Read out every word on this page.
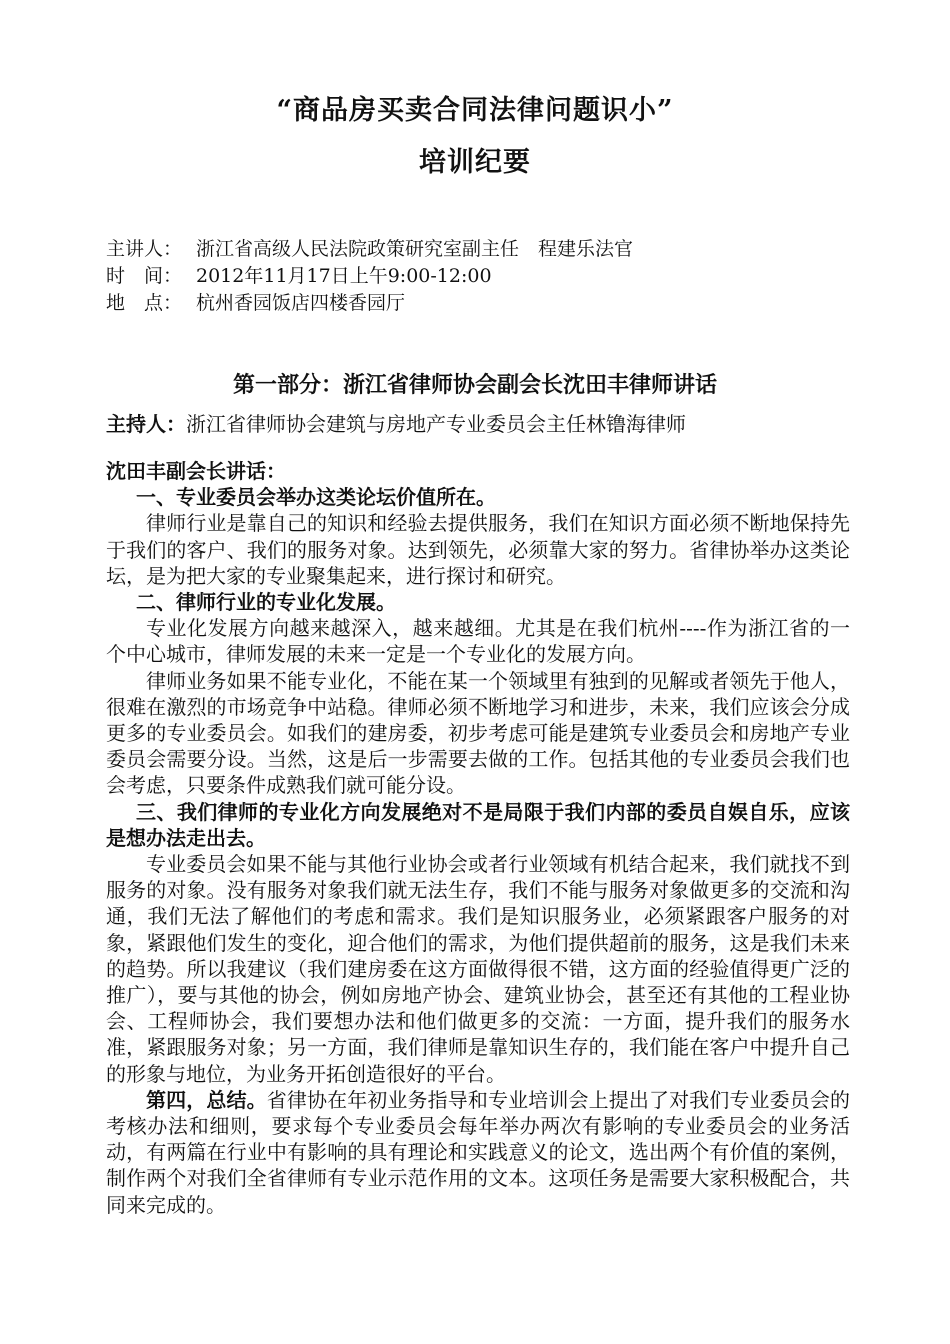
“商品房买卖合同法律问题识小”
培训纪要
主讲人： 浙江省高级人民法院政策研究室副主任　程建乐法官
时　间： 2012年11月17日上午9:00-12:00
地　点： 杭州香园饭店四楼香园厅
第一部分：浙江省律师协会副会长沈田丰律师讲话
主持人：浙江省律师协会建筑与房地产专业委员会主任林镥海律师

沈田丰副会长讲话：

一、专业委员会举办这类论坛价值所在。

律师行业是靠自己的知识和经验去提供服务，我们在知识方面必须不断地保持先于我们的客户、我们的服务对象。达到领先，必须靠大家的努力。省律协举办这类论坛，是为把大家的专业聚集起来，进行探讨和研究。

二、律师行业的专业化发展。

专业化发展方向越来越深入，越来越细。尤其是在我们杭州----作为浙江省的一个中心城市，律师发展的未来一定是一个专业化的发展方向。

律师业务如果不能专业化，不能在某一个领域里有独到的见解或者领先于他人，很难在激烈的市场竞争中站稳。律师必须不断地学习和进步，未来，我们应该会分成更多的专业委员会。如我们的建房委，初步考虑可能是建筑专业委员会和房地产专业委员会需要分设。当然，这是后一步需要去做的工作。包括其他的专业委员会我们也会考虑，只要条件成熟我们就可能分设。

三、我们律师的专业化方向发展绝对不是局限于我们内部的委员自娱自乐，应该是想办法走出去。

专业委员会如果不能与其他行业协会或者行业领域有机结合起来，我们就找不到服务的对象。没有服务对象我们就无法生存，我们不能与服务对象做更多的交流和沟通，我们无法了解他们的考虑和需求。我们是知识服务业，必须紧跟客户服务的对象，紧跟他们发生的变化，迎合他们的需求，为他们提供超前的服务，这是我们未来的趋势。所以我建议（我们建房委在这方面做得很不错，这方面的经验值得更广泛的推广），要与其他的协会，例如房地产协会、建筑业协会，甚至还有其他的工程业协会、工程师协会，我们要想办法和他们做更多的交流：一方面，提升我们的服务水准，紧跟服务对象；另一方面，我们律师是靠知识生存的，我们能在客户中提升自己的形象与地位，为业务开拓创造很好的平台。

第四，总结。省律协在年初业务指导和专业培训会上提出了对我们专业委员会的考核办法和细则，要求每个专业委员会每年举办两次有影响的专业委员会的业务活动，有两篇在行业中有影响的具有理论和实践意义的论文，选出两个有价值的案例，制作两个对我们全省律师有专业示范作用的文本。这项任务是需要大家积极配合，共同来完成的。
